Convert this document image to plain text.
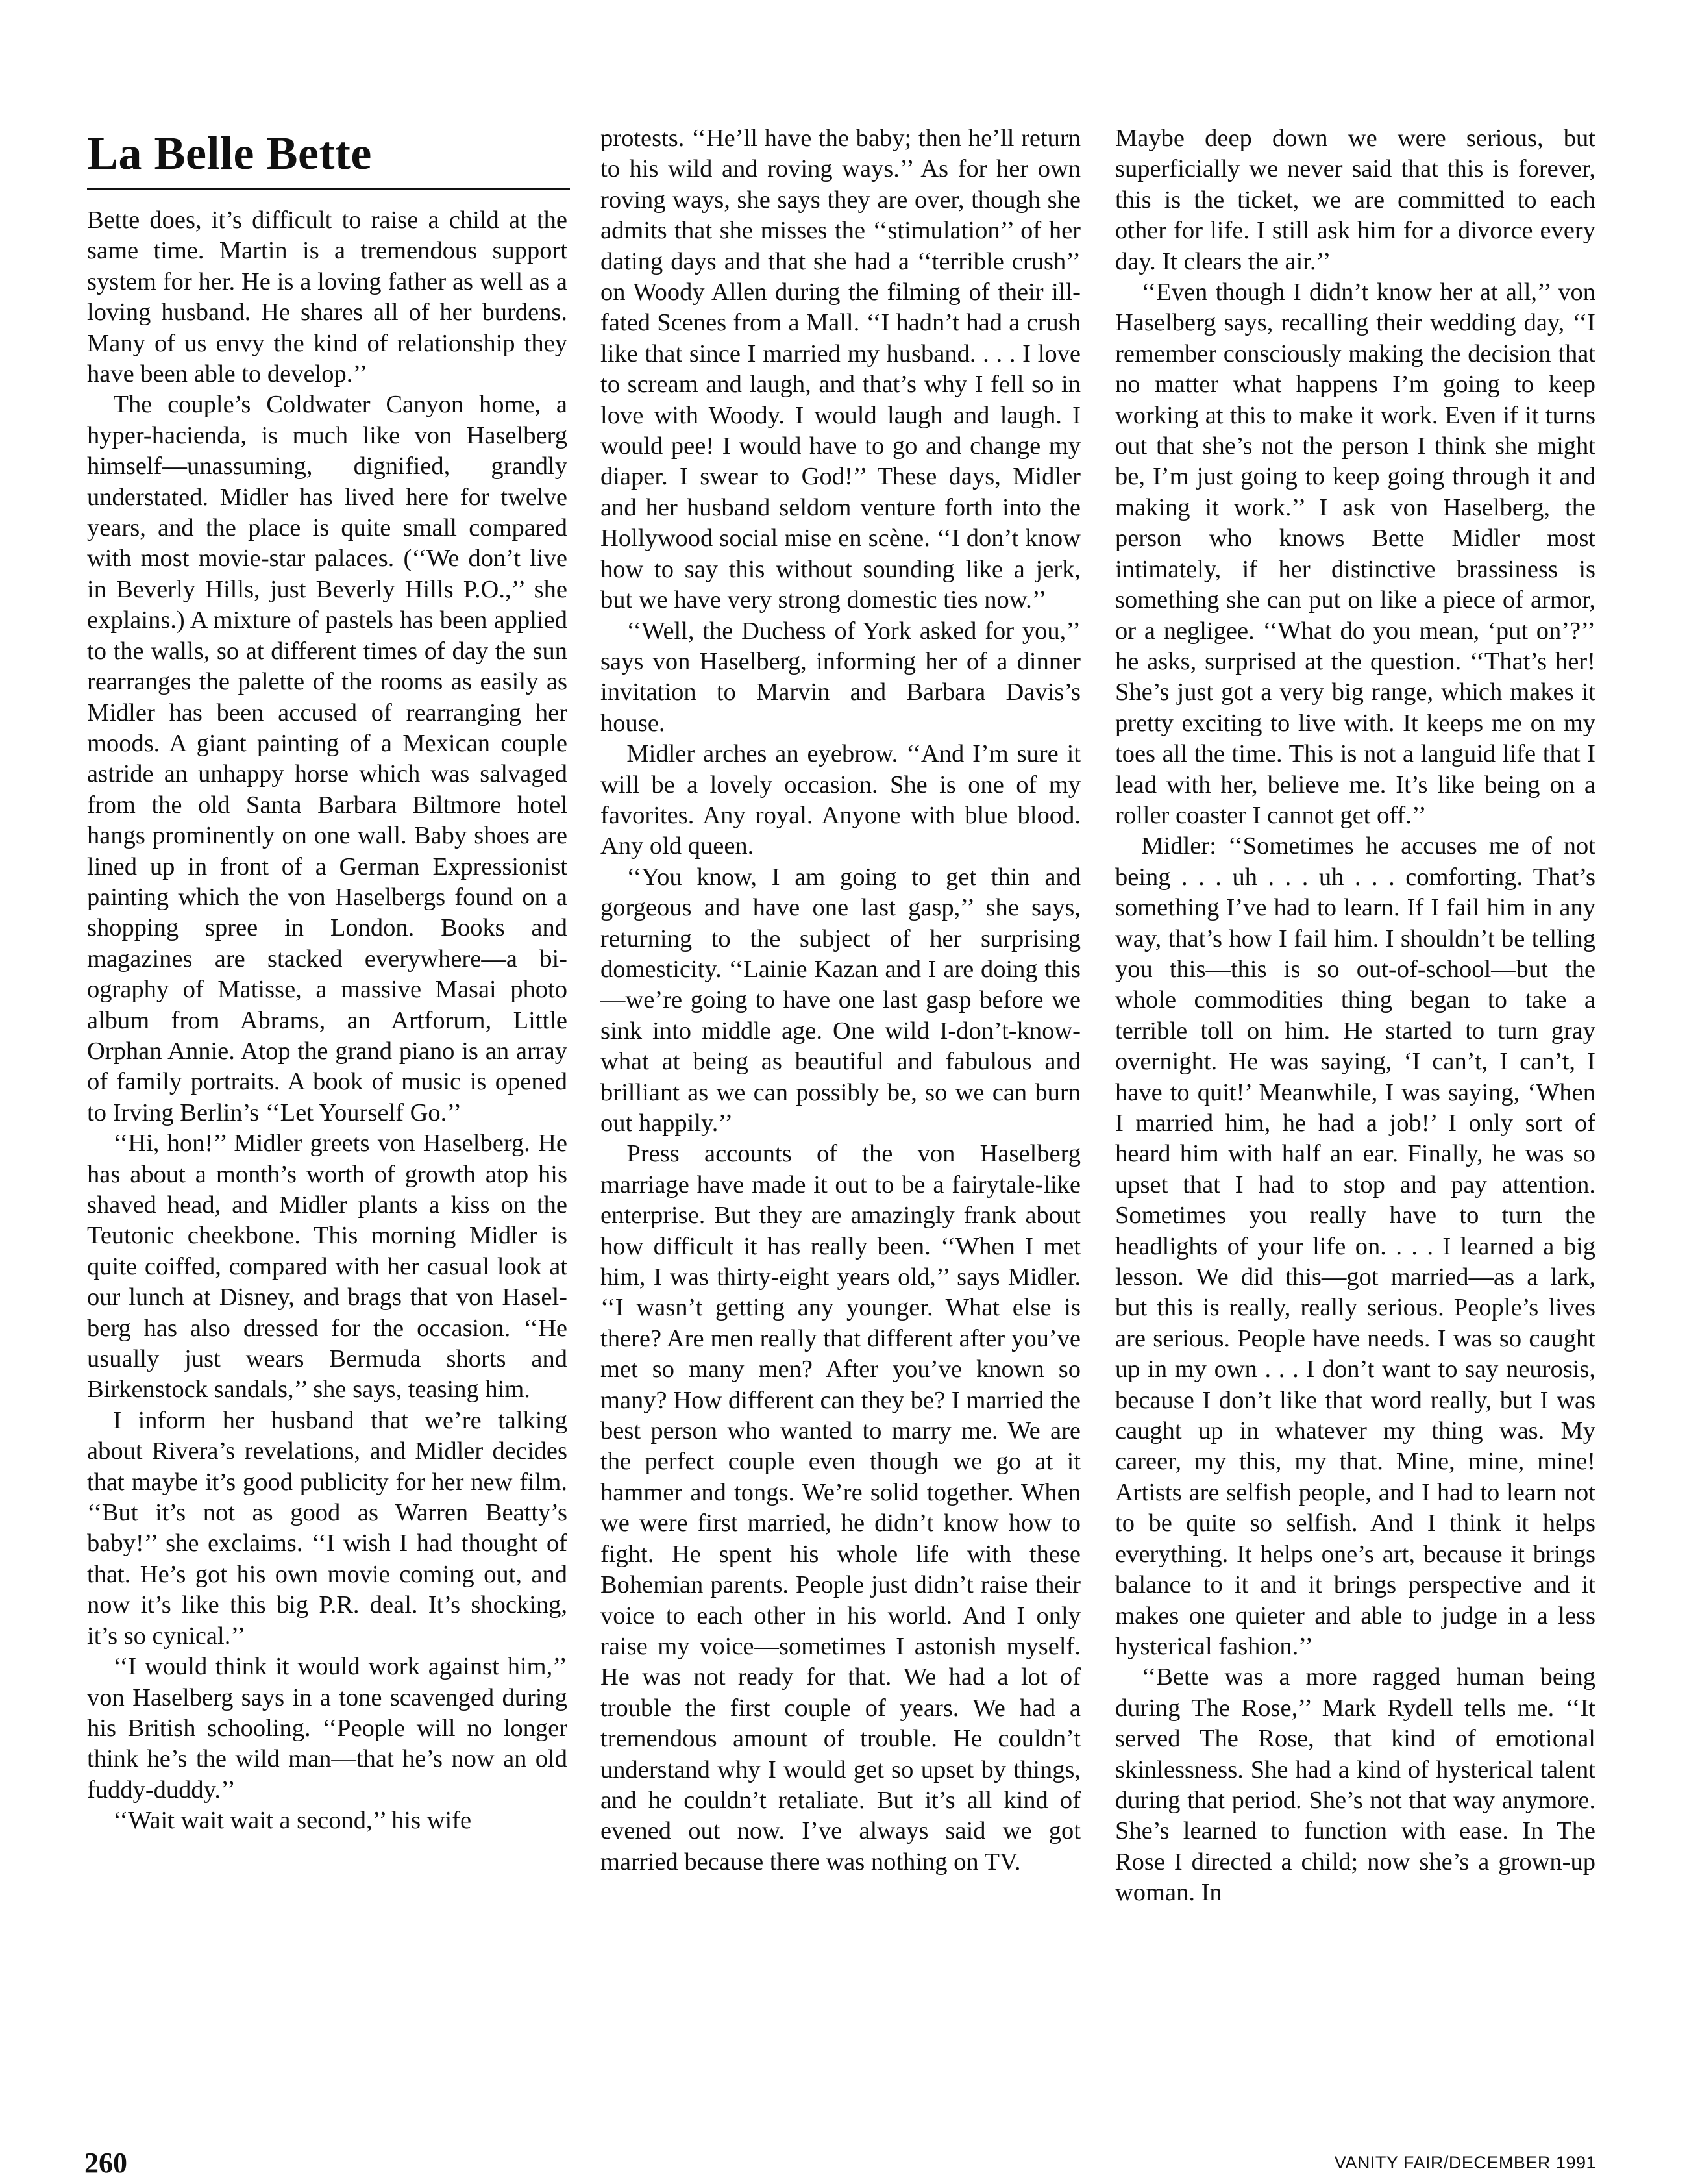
La Belle Bette

Bette does, it’s difficult to raise a child at the same time. Martin is a tremendous support system for her. He is a loving father as well as a loving husband. He shares all of her burdens. Many of us envy the kind of relationship they have been able to develop.’’

The couple’s Coldwater Canyon home, a hyper-hacienda, is much like von Haselberg himself—unassuming, dignified, grandly understated. Midler has lived here for twelve years, and the place is quite small compared with most movie-star palaces. (‘‘We don’t live in Beverly Hills, just Beverly Hills P.O.,’’ she explains.) A mixture of pastels has been applied to the walls, so at different times of day the sun rearranges the palette of the rooms as easily as Midler has been accused of rearranging her moods. A giant painting of a Mexican couple astride an unhappy horse which was salvaged from the old Santa Barbara Biltmore hotel hangs prominently on one wall. Baby shoes are lined up in front of a German Expressionist painting which the von Haselbergs found on a shopping spree in London. Books and magazines are stacked everywhere—a biography of Matisse, a massive Masai photo album from Abrams, an Artforum, Little Orphan Annie. Atop the grand piano is an array of family portraits. A book of music is opened to Irving Berlin’s ‘‘Let Yourself Go.’’

‘‘Hi, hon!’’ Midler greets von Haselberg. He has about a month’s worth of growth atop his shaved head, and Midler plants a kiss on the Teutonic cheekbone. This morning Midler is quite coiffed, compared with her casual look at our lunch at Disney, and brags that von Haselberg has also dressed for the occasion. ‘‘He usually just wears Bermuda shorts and Birkenstock sandals,’’ she says, teasing him.

I inform her husband that we’re talking about Rivera’s revelations, and Midler decides that maybe it’s good publicity for her new film. ‘‘But it’s not as good as Warren Beatty’s baby!’’ she exclaims. ‘‘I wish I had thought of that. He’s got his own movie coming out, and now it’s like this big P.R. deal. It’s shocking, it’s so cynical.’’

‘‘I would think it would work against him,’’ von Haselberg says in a tone scavenged during his British schooling. ‘‘People will no longer think he’s the wild man—that he’s now an old fuddy-duddy.’’

‘‘Wait wait wait a second,’’ his wife

protests. ‘‘He’ll have the baby; then he’ll return to his wild and roving ways.’’ As for her own roving ways, she says they are over, though she admits that she misses the ‘‘stimulation’’ of her dating days and that she had a ‘‘terrible crush’’ on Woody Allen during the filming of their ill-fated Scenes from a Mall. ‘‘I hadn’t had a crush like that since I married my husband. . . . I love to scream and laugh, and that’s why I fell so in love with Woody. I would laugh and laugh. I would pee! I would have to go and change my diaper. I swear to God!’’ These days, Midler and her husband seldom venture forth into the Hollywood social mise en scène. ‘‘I don’t know how to say this without sounding like a jerk, but we have very strong domestic ties now.’’

‘‘Well, the Duchess of York asked for you,’’ says von Haselberg, informing her of a dinner invitation to Marvin and Barbara Davis’s house.

Midler arches an eyebrow. ‘‘And I’m sure it will be a lovely occasion. She is one of my favorites. Any royal. Anyone with blue blood. Any old queen.

‘‘You know, I am going to get thin and gorgeous and have one last gasp,’’ she says, returning to the subject of her surprising domesticity. ‘‘Lainie Kazan and I are doing this—we’re going to have one last gasp before we sink into middle age. One wild I-don’t-know-what at being as beautiful and fabulous and brilliant as we can possibly be, so we can burn out happily.’’

Press accounts of the von Haselberg marriage have made it out to be a fairytale-like enterprise. But they are amazingly frank about how difficult it has really been. ‘‘When I met him, I was thirty-eight years old,’’ says Midler. ‘‘I wasn’t getting any younger. What else is there? Are men really that different after you’ve met so many men? After you’ve known so many? How different can they be? I married the best person who wanted to marry me. We are the perfect couple even though we go at it hammer and tongs. We’re solid together. When we were first married, he didn’t know how to fight. He spent his whole life with these Bohemian parents. People just didn’t raise their voice to each other in his world. And I only raise my voice—sometimes I astonish myself. He was not ready for that. We had a lot of trouble the first couple of years. We had a tremendous amount of trouble. He couldn’t understand why I would get so upset by things, and he couldn’t retaliate. But it’s all kind of evened out now. I’ve always said we got married because there was nothing on TV.

Maybe deep down we were serious, but superficially we never said that this is forever, this is the ticket, we are committed to each other for life. I still ask him for a divorce every day. It clears the air.’’

‘‘Even though I didn’t know her at all,’’ von Haselberg says, recalling their wedding day, ‘‘I remember consciously making the decision that no matter what happens I’m going to keep working at this to make it work. Even if it turns out that she’s not the person I think she might be, I’m just going to keep going through it and making it work.’’ I ask von Haselberg, the person who knows Bette Midler most intimately, if her distinctive brassiness is something she can put on like a piece of armor, or a negligee. ‘‘What do you mean, ‘put on’?’’ he asks, surprised at the question. ‘‘That’s her! She’s just got a very big range, which makes it pretty exciting to live with. It keeps me on my toes all the time. This is not a languid life that I lead with her, believe me. It’s like being on a roller coaster I cannot get off.’’

Midler: ‘‘Sometimes he accuses me of not being . . . uh . . . uh . . . comforting. That’s something I’ve had to learn. If I fail him in any way, that’s how I fail him. I shouldn’t be telling you this—this is so out-of-school—but the whole commodities thing began to take a terrible toll on him. He started to turn gray overnight. He was saying, ‘I can’t, I can’t, I have to quit!’ Meanwhile, I was saying, ‘When I married him, he had a job!’ I only sort of heard him with half an ear. Finally, he was so upset that I had to stop and pay attention. Sometimes you really have to turn the headlights of your life on. . . . I learned a big lesson. We did this—got married—as a lark, but this is really, really serious. People’s lives are serious. People have needs. I was so caught up in my own . . . I don’t want to say neurosis, because I don’t like that word really, but I was caught up in whatever my thing was. My career, my this, my that. Mine, mine, mine! Artists are selfish people, and I had to learn not to be quite so selfish. And I think it helps everything. It helps one’s art, because it brings balance to it and it brings perspective and it makes one quieter and able to judge in a less hysterical fashion.’’

‘‘Bette was a more ragged human being during The Rose,’’ Mark Rydell tells me. ‘‘It served The Rose, that kind of emotional skinlessness. She had a kind of hysterical talent during that period. She’s not that way anymore. She’s learned to function with ease. In The Rose I directed a child; now she’s a grown-up woman. In

260	VANITY FAIR/DECEMBER 1991
